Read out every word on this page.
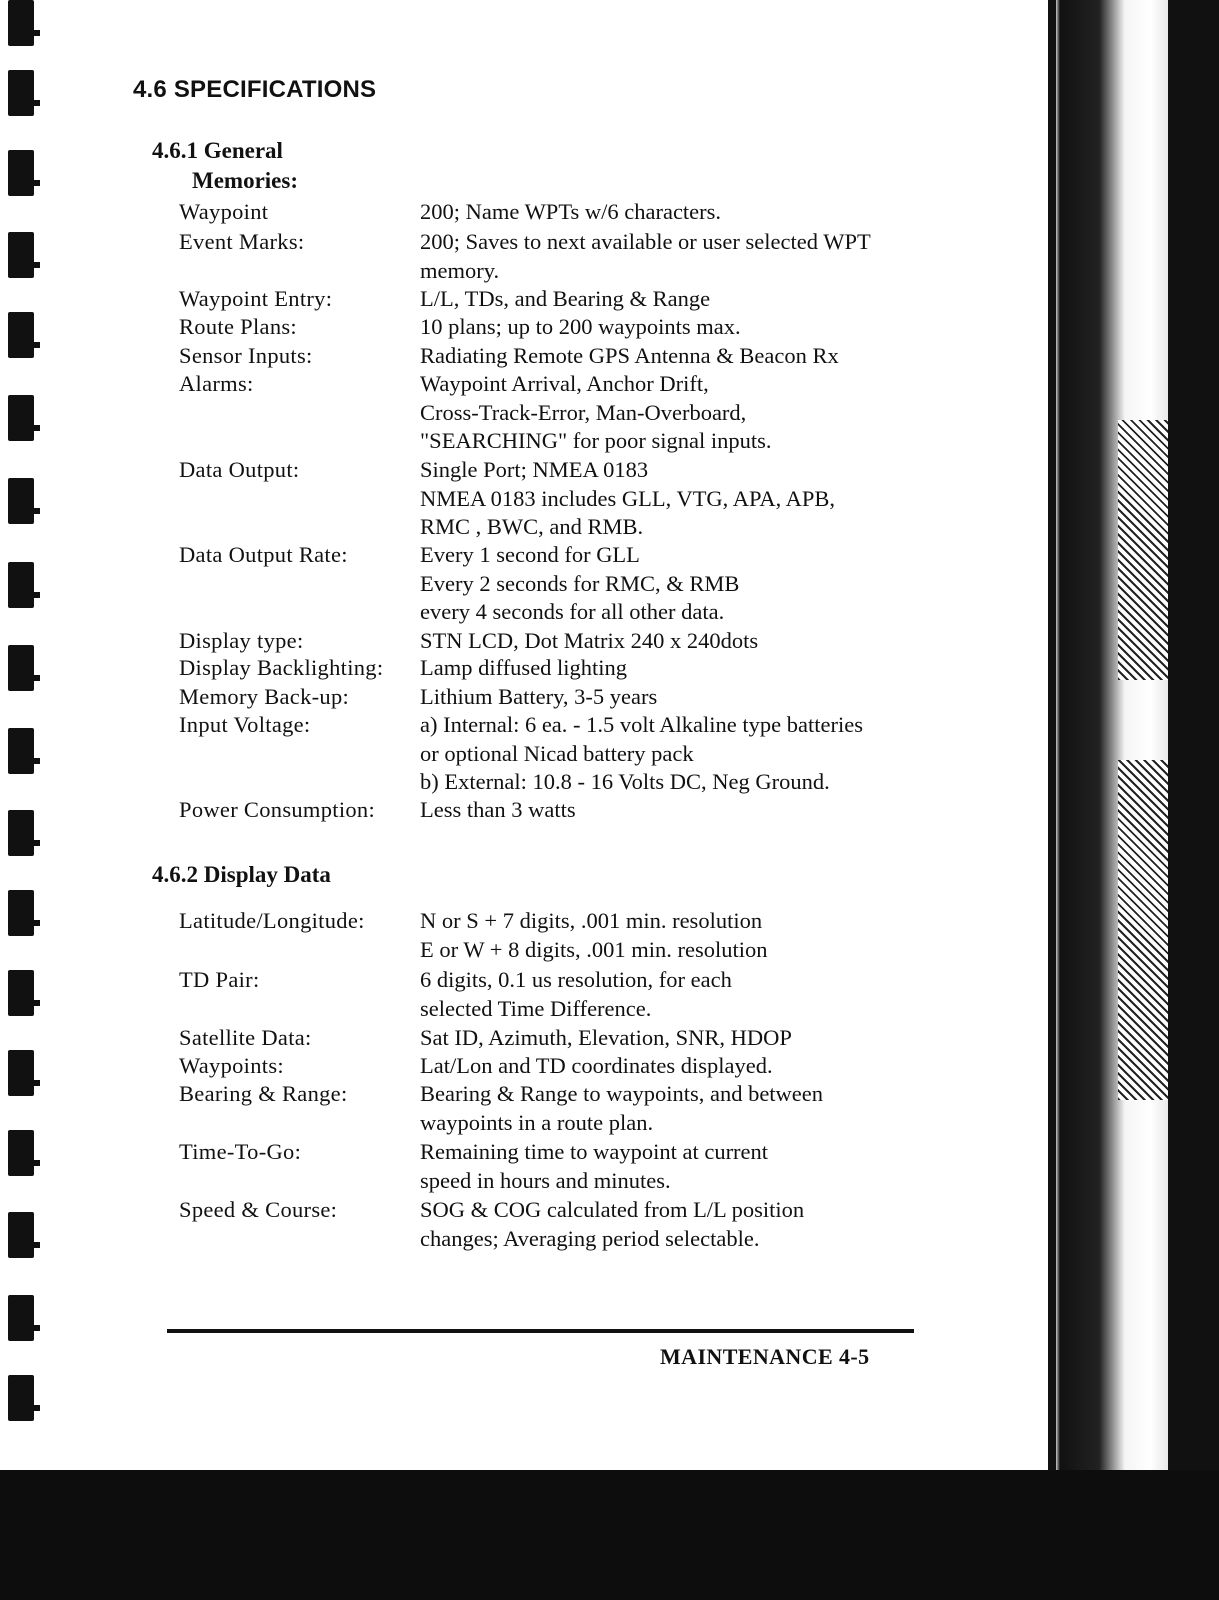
4.6 SPECIFICATIONS
4.6.1 General
Memories:
Waypoint	200; Name WPTs w/6 characters.
Event Marks:	200; Saves to next available or user selected WPT
memory.
Waypoint Entry:	L/L, TDs, and Bearing & Range
Route Plans:	10 plans; up to 200 waypoints max.
Sensor Inputs:	Radiating Remote GPS Antenna & Beacon Rx
Alarms:	Waypoint Arrival, Anchor Drift,
Cross-Track-Error, Man-Overboard,
"SEARCHING" for poor signal inputs.
Data Output:	Single Port; NMEA 0183
NMEA 0183 includes GLL, VTG, APA, APB,
RMC , BWC, and RMB.
Data Output Rate:	Every 1 second for GLL
Every 2 seconds for RMC, & RMB
every 4 seconds for all other data.
Display type:	STN LCD, Dot Matrix 240 x 240dots
Display Backlighting:	Lamp diffused lighting
Memory Back-up:	Lithium Battery, 3-5 years
Input Voltage:	a) Internal: 6 ea. - 1.5 volt Alkaline type batteries
or optional Nicad battery pack
b) External: 10.8 - 16 Volts DC, Neg Ground.
Power Consumption:	Less than 3 watts
4.6.2 Display Data
Latitude/Longitude:	N or S + 7 digits, .001 min. resolution
E or W + 8 digits, .001 min. resolution
TD Pair:	6 digits, 0.1 us resolution, for each
selected Time Difference.
Satellite Data:	Sat ID, Azimuth, Elevation, SNR, HDOP
Waypoints:	Lat/Lon and TD coordinates displayed.
Bearing & Range:	Bearing & Range to waypoints, and between
waypoints in a route plan.
Time-To-Go:	Remaining time to waypoint at current
speed in hours and minutes.
Speed & Course:	SOG & COG calculated from L/L position
changes; Averaging period selectable.

MAINTENANCE 4-5
